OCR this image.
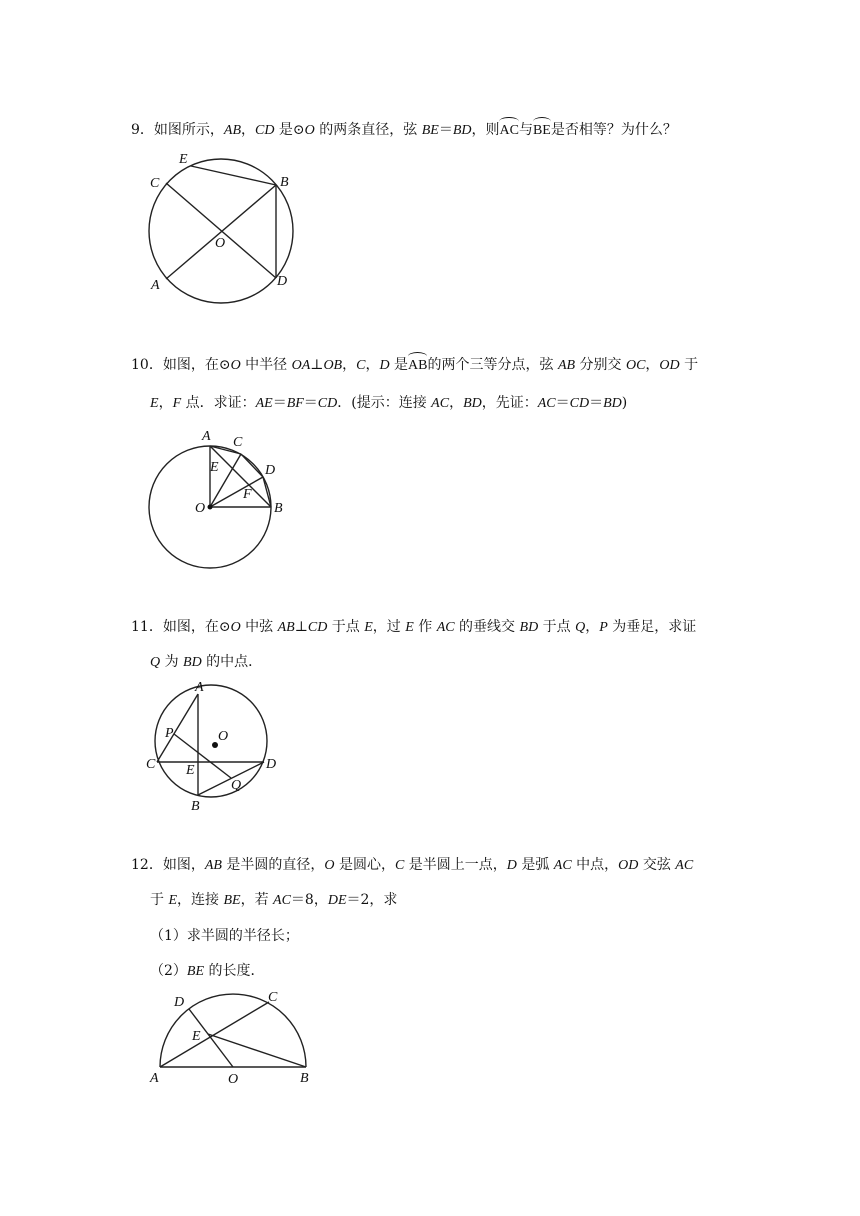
9．如图所示，AB，CD 是⊙O 的两条直径，弦 BE＝BD，则AC与BE是否相等？为什么？
E
C	B
O
A	D
10．如图，在⊙O 中半径 OA⊥OB，C，D 是AB的两个三等分点，弦 AB 分别交 OC，OD 于
E，F 点．求证：AE＝BF＝CD．(提示：连接 AC，BD，先证：AC＝CD＝BD)
A C
E	D
F
O	B
11．如图，在⊙O 中弦 AB⊥CD 于点 E，过 E 作 AC 的垂线交 BD 于点 Q，P 为垂足，求证
Q 为 BD 的中点．
A
P	O
C E	D
Q
B
12．如图，AB 是半圆的直径，O 是圆心，C 是半圆上一点，D 是弧 AC 中点，OD 交弦 AC
于 E，连接 BE，若 AC＝8，DE＝2，求
（1）求半圆的半径长；
（2）BE 的长度．
D	C
E
A	O	B
